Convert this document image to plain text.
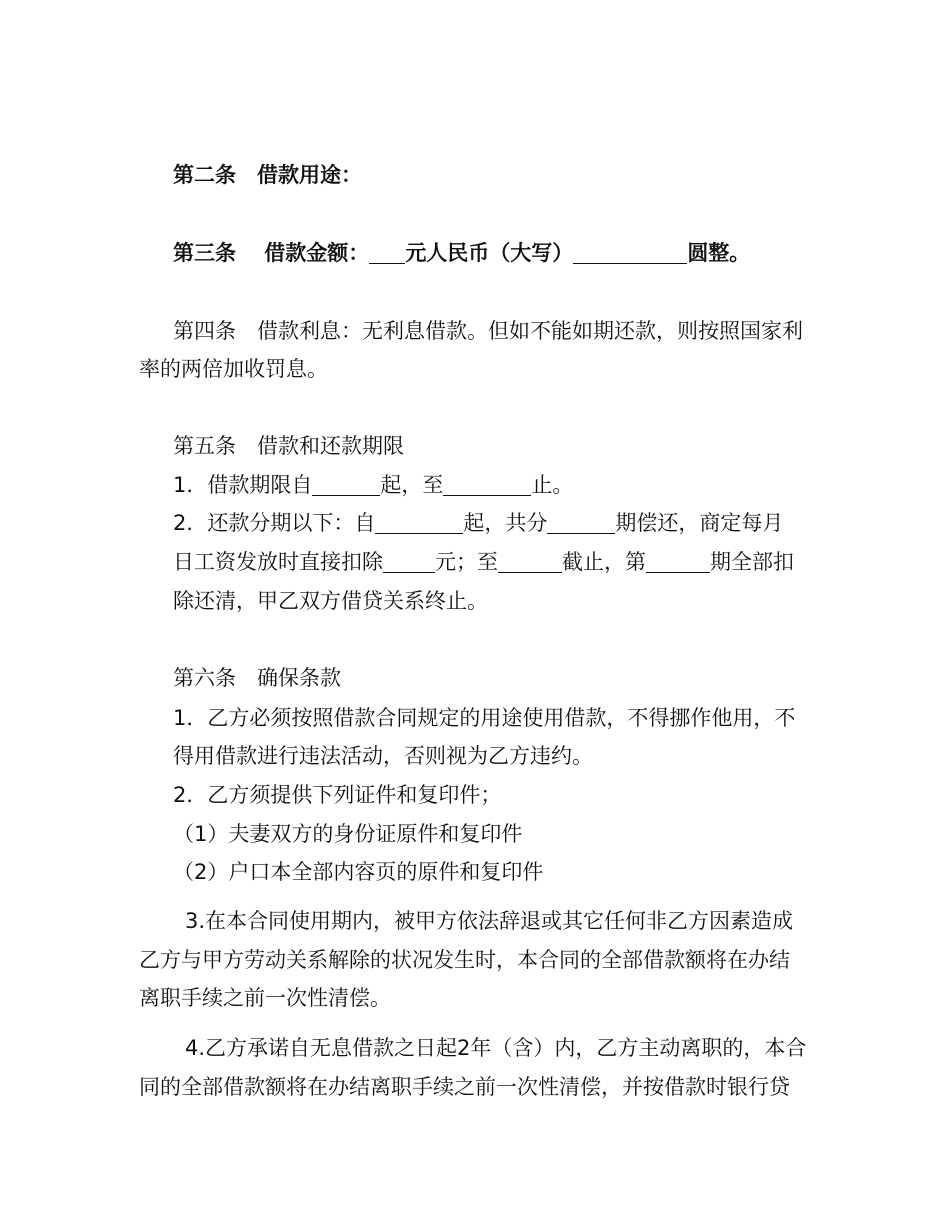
第二条　借款用途：
第三条　 借款金额： 元人民币（大写）	圆整。
第四条　借款利息：无利息借款。但如不能如期还款，则按照国家利
率的两倍加收罚息。
第五条　借款和还款期限
1．借款期限自	起，至	止。
2．还款分期以下：自	起，共分	期偿还，商定每月
日工资发放时直接扣除 元；至	截止，第	期全部扣
除还清，甲乙双方借贷关系终止。
第六条　确保条款
1．乙方必须按照借款合同规定的用途使用借款，不得挪作他用，不
得用借款进行违法活动，否则视为乙方违约。
2．乙方须提供下列证件和复印件；
（1）夫妻双方的身份证原件和复印件
（2）户口本全部内容页的原件和复印件
3.在本合同使用期内，被甲方依法辞退或其它任何非乙方因素造成
乙方与甲方劳动关系解除的状况发生时，本合同的全部借款额将在办结
离职手续之前一次性清偿。
4.乙方承诺自无息借款之日起2年（含）内，乙方主动离职的，本合
同的全部借款额将在办结离职手续之前一次性清偿，并按借款时银行贷
